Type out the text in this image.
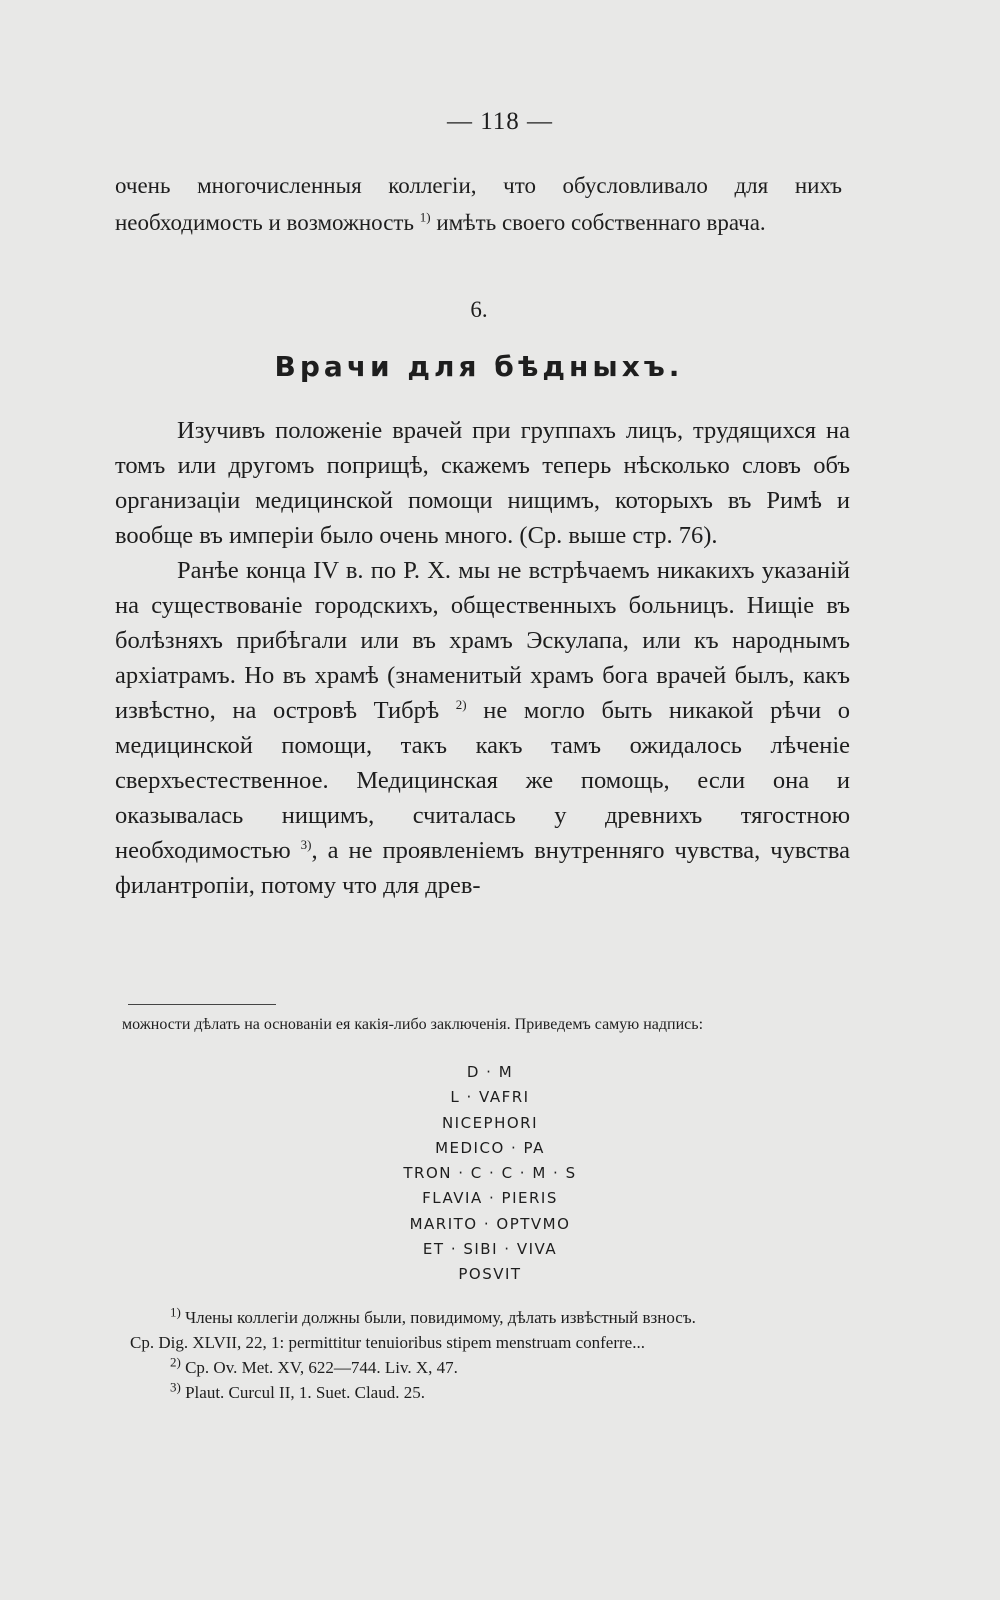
— 118 —
очень многочисленныя коллегіи, что обусловливало для нихъ необходимость и возможность $^{1)}$ имѣть своего собственнаго врача.
6.
Врачи для бѣдныхъ.

Изучивъ положеніе врачей при группахъ лицъ, трудящихся на томъ или другомъ поприщѣ, скажемъ теперь нѣсколько словъ объ организаціи медицинской помощи нищимъ, которыхъ въ Римѣ и вообще въ имперіи было очень много. (Ср. выше стр. 76).

Ранѣе конца IV в. по Р. Х. мы не встрѣчаемъ никакихъ указаній на существованіе городскихъ, общественныхъ больницъ. Нищіе въ болѣзняхъ прибѣгали или въ храмъ Эскулапа, или къ народнымъ архіатрамъ. Но въ храмѣ (знаменитый храмъ бога врачей былъ, какъ извѣстно, на островѣ Тибрѣ $^{2)}$ не могло быть никакой рѣчи о медицинской помощи, такъ какъ тамъ ожидалось лѣченіе сверхъестественное. Медицинская же помощь, если она и оказывалась нищимъ, считалась у древнихъ тягостною необходимостью $^{3)}$, а не проявленіемъ внутренняго чувства, чувства филантропіи, потому что для древ-

можности дѣлать на основаніи ея какія-либо заключенія. Приведемъ самую надпись:
D · M
L · VAFRI
NICEPHORI
MEDICO · PA
TRON · C · C · M · S
FLAVIA · PIERIS
MARITO · OPTVMO
ET · SIBI · VIVA
POSVIT
$^{1)}$ Члены коллегіи должны были, повидимому, дѣлать извѣстный взносъ.
Ср. Dig. XLVII, 22, 1: permittitur tenuioribus stipem menstruam conferre...
$^{2)}$ Ср. Ov. Met. XV, 622—744. Liv. X, 47.
$^{3)}$ Plaut. Curcul II, 1. Suet. Claud. 25.
